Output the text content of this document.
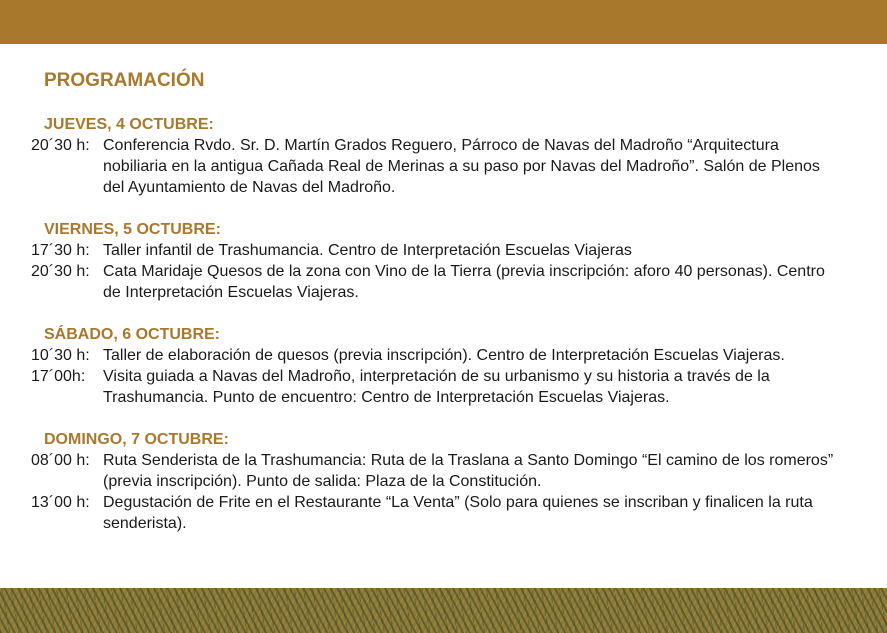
PROGRAMACIÓN
JUEVES, 4 OCTUBRE:
20´30 h: Conferencia Rvdo. Sr. D. Martín Grados Reguero, Párroco de Navas del Madroño “Arquitectura nobiliaria en la antigua Cañada Real de Merinas a su paso por Navas del Madroño”. Salón de Plenos del Ayuntamiento de Navas del Madroño.
VIERNES, 5 OCTUBRE:
17´30 h: Taller infantil de Trashumancia. Centro de Interpretación Escuelas Viajeras
20´30 h: Cata Maridaje Quesos de la zona con Vino de la Tierra (previa inscripción: aforo 40 personas). Centro de Interpretación Escuelas Viajeras.
SÁBADO, 6 OCTUBRE:
10´30 h: Taller de elaboración de quesos (previa inscripción). Centro de Interpretación Escuelas Viajeras.
17´00h:	Visita guiada a Navas del Madroño, interpretación de su urbanismo y su historia a través de la Trashumancia. Punto de encuentro: Centro de Interpretación Escuelas Viajeras.
DOMINGO, 7 OCTUBRE:
08´00 h: Ruta Senderista de la Trashumancia: Ruta de la Traslana a Santo Domingo “El camino de los romeros” (previa inscripción). Punto de salida: Plaza de la Constitución.
13´00 h: Degustación de Frite en el Restaurante “La Venta” (Solo para quienes se inscriban y finalicen la ruta senderista).
